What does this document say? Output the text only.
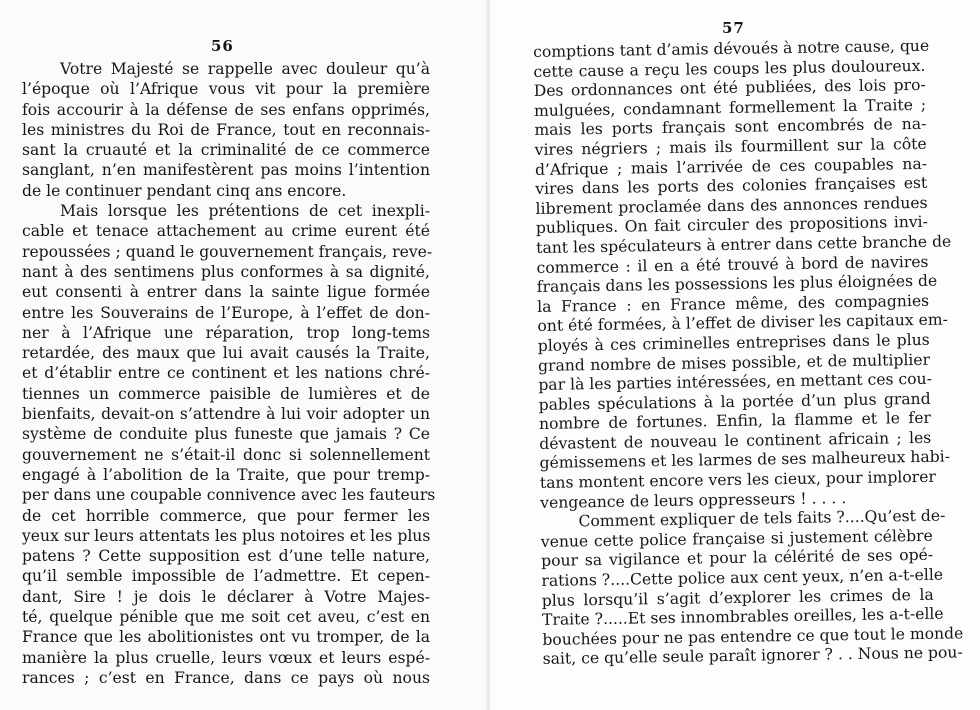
56
Votre Majesté se rappelle avec douleur qu’à
l’époque où l’Afrique vous vit pour la première
fois accourir à la défense de ses enfans opprimés,
les ministres du Roi de France, tout en reconnais-
sant la cruauté et la criminalité de ce commerce
sanglant, n’en manifestèrent pas moins l’intention
de le continuer pendant cinq ans encore.
Mais lorsque les prétentions de cet inexpli-
cable et tenace attachement au crime eurent été
repoussées ; quand le gouvernement français, reve-
nant à des sentimens plus conformes à sa dignité,
eut consenti à entrer dans la sainte ligue formée
entre les Souverains de l’Europe, à l’effet de don-
ner à l’Afrique une réparation, trop long-tems
retardée, des maux que lui avait causés la Traite,
et d’établir entre ce continent et les nations chré-
tiennes un commerce paisible de lumières et de
bienfaits, devait-on s’attendre à lui voir adopter un
système de conduite plus funeste que jamais ? Ce
gouvernement ne s’était-il donc si solennellement
engagé à l’abolition de la Traite, que pour tremp-
per dans une coupable connivence avec les fauteurs
de cet horrible commerce, que pour fermer les
yeux sur leurs attentats les plus notoires et les plus
patens ? Cette supposition est d’une telle nature,
qu’il semble impossible de l’admettre. Et cepen-
dant, Sire ! je dois le déclarer à Votre Majes-
té, quelque pénible que me soit cet aveu, c’est en
France que les abolitionistes ont vu tromper, de la
manière la plus cruelle, leurs vœux et leurs espé-
rances ; c’est en France, dans ce pays où nous
57
comptions tant d’amis dévoués à notre cause, que
cette cause a reçu les coups les plus douloureux.
Des ordonnances ont été publiées, des lois pro-
mulguées, condamnant formellement la Traite ;
mais les ports français sont encombrés de na-
vires négriers ; mais ils fourmillent sur la côte
d’Afrique ; mais l’arrivée de ces coupables na-
vires dans les ports des colonies françaises est
librement proclamée dans des annonces rendues
publiques. On fait circuler des propositions invi-
tant les spéculateurs à entrer dans cette branche de
commerce : il en a été trouvé à bord de navires
français dans les possessions les plus éloignées de
la France : en France même, des compagnies
ont été formées, à l’effet de diviser les capitaux em-
ployés à ces criminelles entreprises dans le plus
grand nombre de mises possible, et de multiplier
par là les parties intéressées, en mettant ces cou-
pables spéculations à la portée d’un plus grand
nombre de fortunes. Enfin, la flamme et le fer
dévastent de nouveau le continent africain ; les
gémissemens et les larmes de ses malheureux habi-
tans montent encore vers les cieux, pour implorer
vengeance de leurs oppresseurs ! . . . .
Comment expliquer de tels faits ?....Qu’est de-
venue cette police française si justement célèbre
pour sa vigilance et pour la célérité de ses opé-
rations ?....Cette police aux cent yeux, n’en a-t-elle
plus lorsqu’il s’agit d’explorer les crimes de la
Traite ?.....Et ses innombrables oreilles, les a-t-elle
bouchées pour ne pas entendre ce que tout le monde
sait, ce qu’elle seule paraît ignorer ? . . Nous ne pou-
